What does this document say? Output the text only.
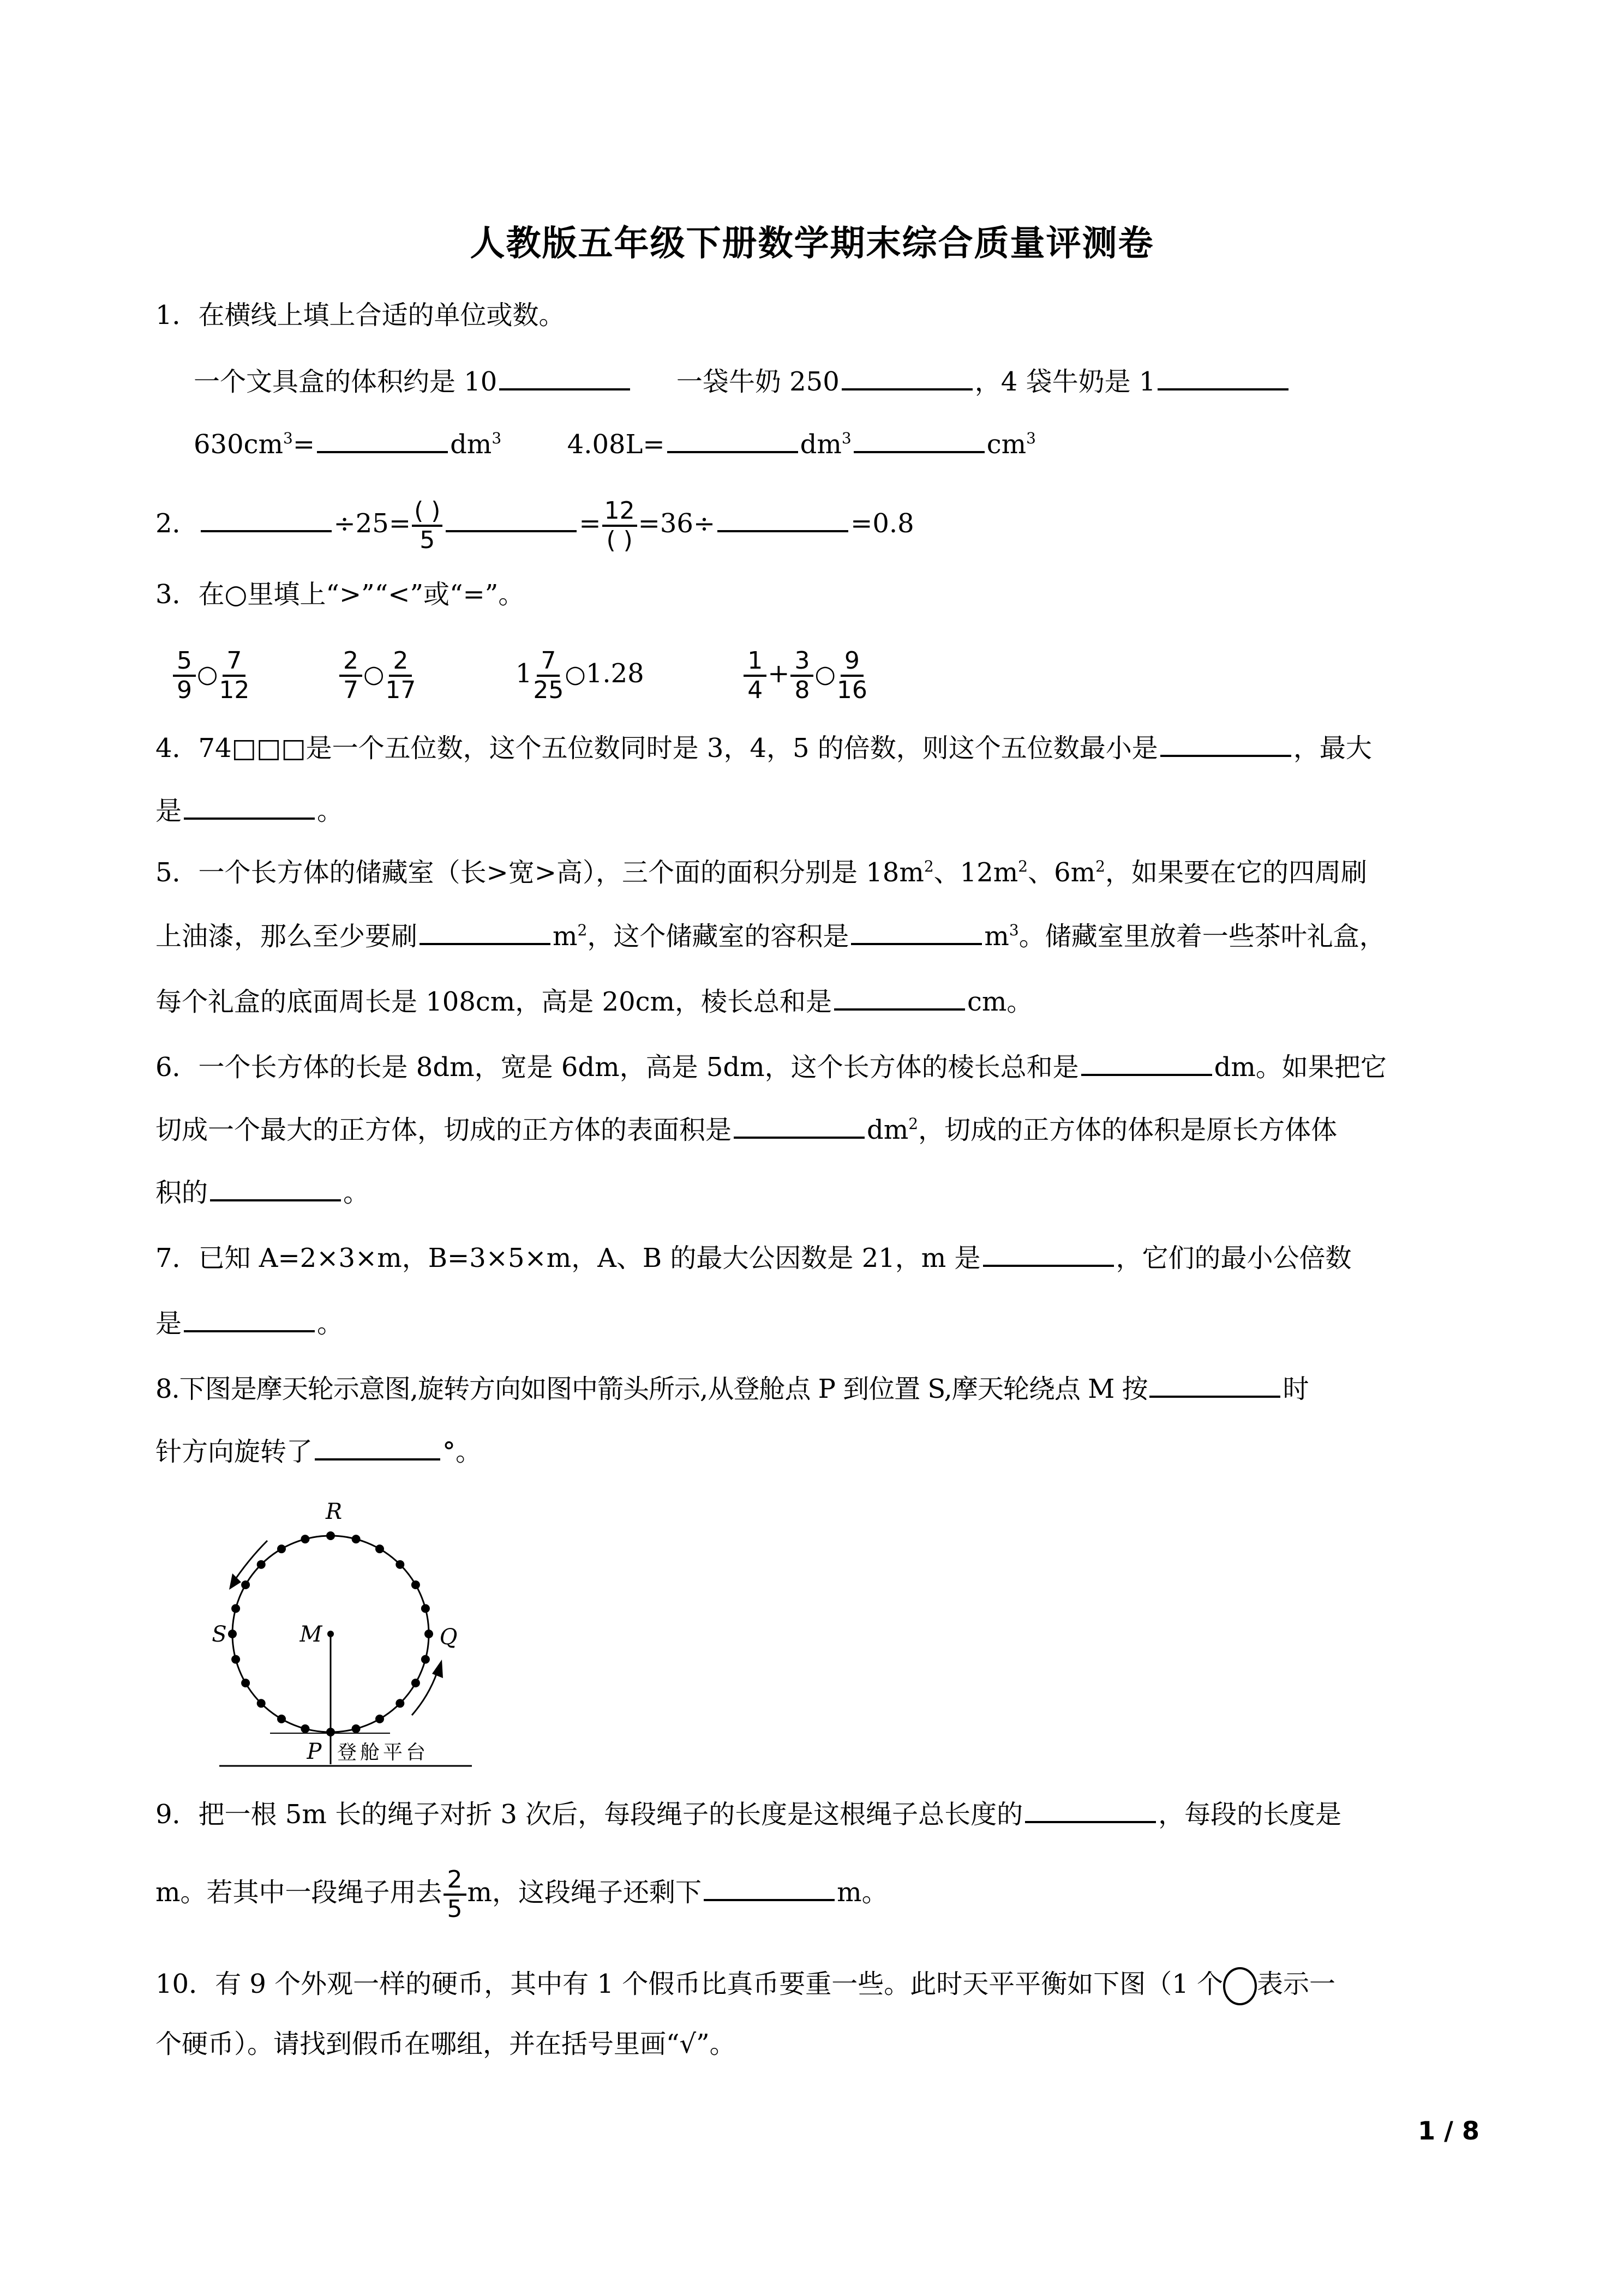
人教版五年级下册数学期末综合质量评测卷
1．在横线上填上合适的单位或数。
一个文具盒的体积约是 10	一袋牛奶 250	，4 袋牛奶是 1
$630cm^3=$	$dm^3$	4.08L=	$dm^3$	$cm^3$
2．	$\div 25= \frac{( )}{5}$	= $\frac{12}{( )} =36\div$	=0.8
3．在○里填上“>”“<”或“=”。
$\frac{5}{9}$ ○ $\frac{7}{12}$
	$\frac{2}{7}$ ○ $\frac{2}{17}$	$1 \frac{7}{25}$ ○1.28	$\frac{1}{4} + \frac{3}{8}$ ○ $\frac{9}{16}$
4．74□□□是一个五位数，这个五位数同时是 3，4，5 的倍数，则这个五位数最小是	，最大
是	。
5．一个长方体的储藏室（长>宽>高），三个面的面积分别是 $18m^2$、$12m^2$、$6m^2$，如果要在它的四周刷
上油漆，那么至少要刷	$m^2$，这个储藏室的容积是	$m^3$。储藏室里放着一些茶叶礼盒，
每个礼盒的底面周长是 108cm，高是 20cm，棱长总和是	cm。
6．一个长方体的长是 8dm，宽是 6dm，高是 5dm，这个长方体的棱长总和是	dm。如果把它
切成一个最大的正方体，切成的正方体的表面积是	$dm^2$，切成的正方体的体积是原长方体体
积的	。
7．已知 A=2×3×m，B=3×5×m，A、B 的最大公因数是 21，m 是	，它们的最小公倍数
是	。
8.下图是摩天轮示意图,旋转方向如图中箭头所示,从登舱点 P 到位置 S,摩天轮绕点 M 按	时
针方向旋转了	°。
R
S	Q
M
P 登舱平台
9．把一根 5m 长的绳子对折 3 次后，每段绳子的长度是这根绳子总长度的	，每段的长度是
m。若其中一段绳子用去 $\frac{2}{5}$ m，这段绳子还剩下	m。
10．有 9 个外观一样的硬币，其中有 1 个假币比真币要重一些。此时天平平衡如下图（1 个 表示一
个硬币）。请找到假币在哪组，并在括号里画“√”。
1 / 8
